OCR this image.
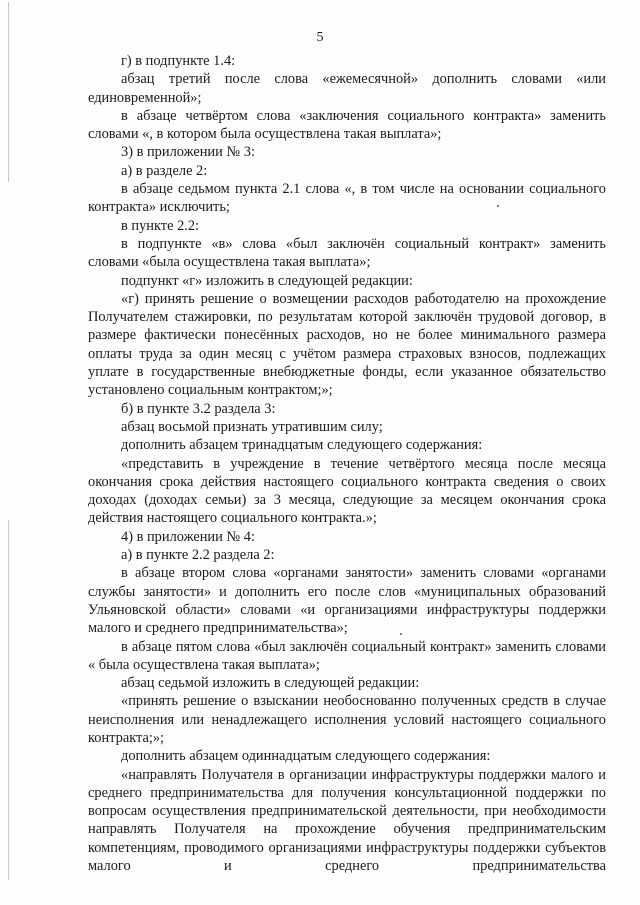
5

г) в подпункте 1.4:

абзац третий после слова «ежемесячной» дополнить словами «или единовременной»;

в абзаце четвёртом слова «заключения социального контракта» заменить словами «, в котором была осуществлена такая выплата»;

3) в приложении № 3:

а) в разделе 2:

в абзаце седьмом пункта 2.1 слова «, в том числе на основании социального контракта» исключить;

в пункте 2.2:

в подпункте «в» слова «был заключён социальный контракт» заменить словами «была осуществлена такая выплата»;

подпункт «г» изложить в следующей редакции:

«г) принять решение о возмещении расходов работодателю на прохождение Получателем стажировки, по результатам которой заключён трудовой договор, в размере фактически понесённых расходов, но не более минимального размера оплаты труда за один месяц с учётом размера страховых взносов, подлежащих уплате в государственные внебюджетные фонды, если указанное обязательство установлено социальным контрактом;»;

б) в пункте 3.2 раздела 3:

абзац восьмой признать утратившим силу;

дополнить абзацем тринадцатым следующего содержания:

«представить в учреждение в течение четвёртого месяца после месяца окончания срока действия настоящего социального контракта сведения о своих доходах (доходах семьи) за 3 месяца, следующие за месяцем окончания срока действия настоящего социального контракта.»;

4) в приложении № 4:

а) в пункте 2.2 раздела 2:

в абзаце втором слова «органами занятости» заменить словами «органами службы занятости» и дополнить его после слов «муниципальных образований Ульяновской области» словами «и организациями инфраструктуры поддержки малого и среднего предпринимательства»;

в абзаце пятом слова «был заключён социальный контракт» заменить словами « была осуществлена такая выплата»;

абзац седьмой изложить в следующей редакции:

«принять решение о взыскании необоснованно полученных средств в случае неисполнения или ненадлежащего исполнения условий настоящего социального контракта;»;

дополнить абзацем одиннадцатым следующего содержания:

«направлять Получателя в организации инфраструктуры поддержки малого и среднего предпринимательства для получения консультационной поддержки по вопросам осуществления предпринимательской деятельности, при необходимости направлять Получателя на прохождение обучения предпринимательским компетенциям, проводимого организациями инфраструктуры поддержки субъектов малого и среднего предпринимательства
